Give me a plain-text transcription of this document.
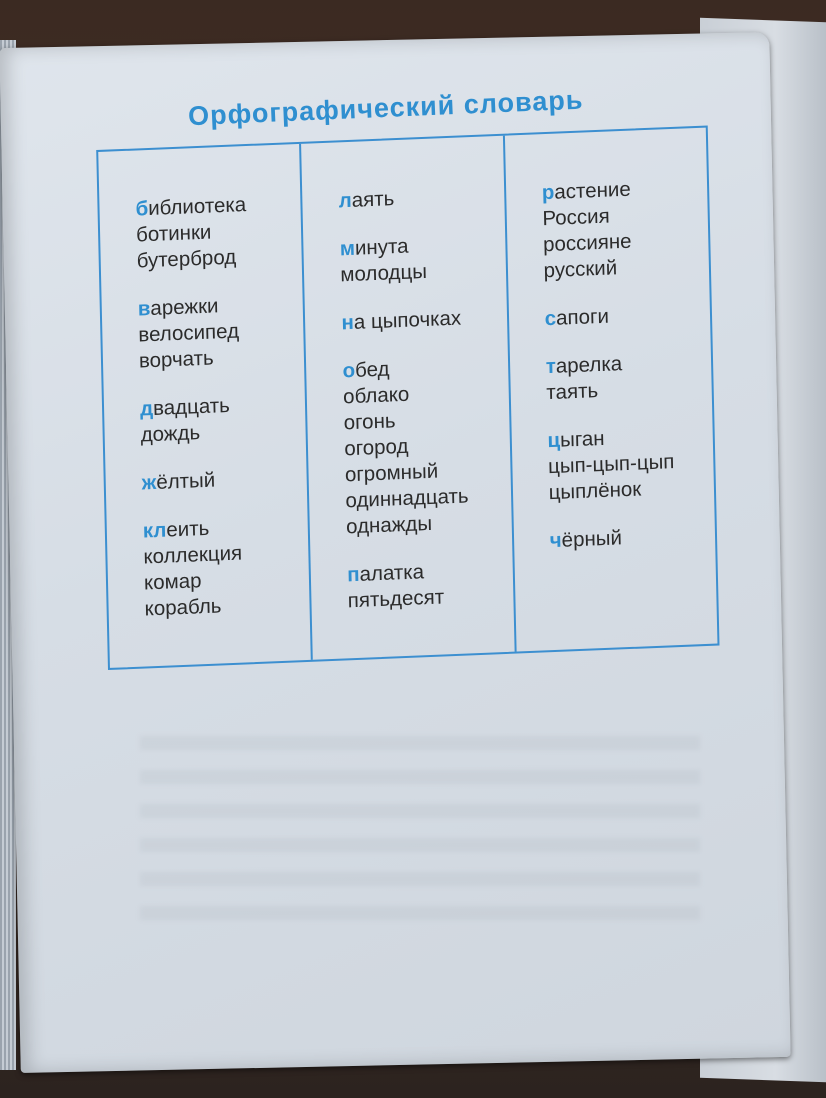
Орфографический словарь
библиотека
ботинки
бутерброд
варежки
велосипед
ворчать
двадцать
дождь
жёлтый
клеить
коллекция
комар
корабль
лаять
минута
молодцы
на цыпочках
обед
облако
огонь
огород
огромный
одиннадцать
однажды
палатка
пятьдесят
растение
Россия
россияне
русский
сапоги
тарелка
таять
цыган
цып-цып-цып
цыплёнок
чёрный
